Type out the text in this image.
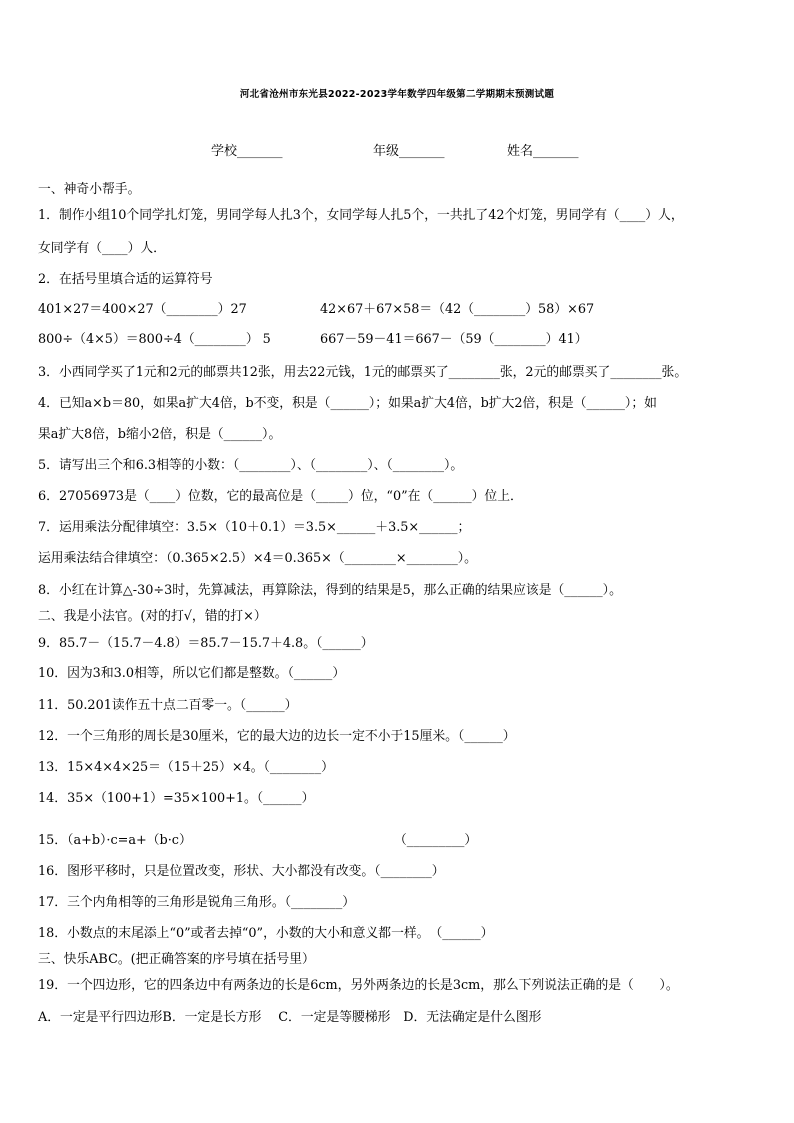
河北省沧州市东光县2022-2023学年数学四年级第二学期期末预测试题
学校_______	年级_______	姓名_______
一、神奇小帮手。
1．制作小组10个同学扎灯笼，男同学每人扎3个，女同学每人扎5个，一共扎了42个灯笼，男同学有（____）人，
女同学有（____）人．
2．在括号里填合适的运算符号
401×27＝400×27（________）27	42×67＋67×58＝（42（________）58）×67
800÷（4×5）＝800÷4（________） 5	667－59－41＝667－（59（________）41）
3．小西同学买了1元和2元的邮票共12张，用去22元钱，1元的邮票买了________张，2元的邮票买了________张。
4．已知a×b＝80，如果a扩大4倍，b不变，积是（______）；如果a扩大4倍，b扩大2倍，积是（______）；如
果a扩大8倍，b缩小2倍，积是（______）。
5．请写出三个和6.3相等的小数：（________）、（________）、（________）。
6．27056973是（____）位数，它的最高位是（_____）位，“0”在（______）位上．
7．运用乘法分配律填空：3.5×（10＋0.1）＝3.5×______＋3.5×______；
运用乘法结合律填空：（0.365×2.5）×4＝0.365×（________×________）。
8．小红在计算△-30÷3时，先算减法，再算除法，得到的结果是5，那么正确的结果应该是（______）。
二、我是小法官。(对的打√，错的打×）
9．85.7－（15.7－4.8）＝85.7－15.7＋4.8。（______）
10．因为3和3.0相等，所以它们都是整数。（______）
11．50.201读作五十点二百零一。（______）
12．一个三角形的周长是30厘米，它的最大边的边长一定不小于15厘米。（______）
13．15×4×4×25＝（15＋25）×4。（________）
14．35×（100+1）=35×100+1。（______）
15．（a+b）·c=a+（b·c）	（_________）
16．图形平移时，只是位置改变，形状、大小都没有改变。（________）
17．三个内角相等的三角形是锐角三角形。（________）
18．小数点的末尾添上“0”或者去掉“0”，小数的大小和意义都一样。　（______）
三、快乐ABC。(把正确答案的序号填在括号里）
19．一个四边形，它的四条边中有两条边的长是6cm，另外两条边的长是3cm，那么下列说法正确的是（　　）。
A．一定是平行四边形B．一定是长方形　 C．一定是等腰梯形　D．无法确定是什么图形
